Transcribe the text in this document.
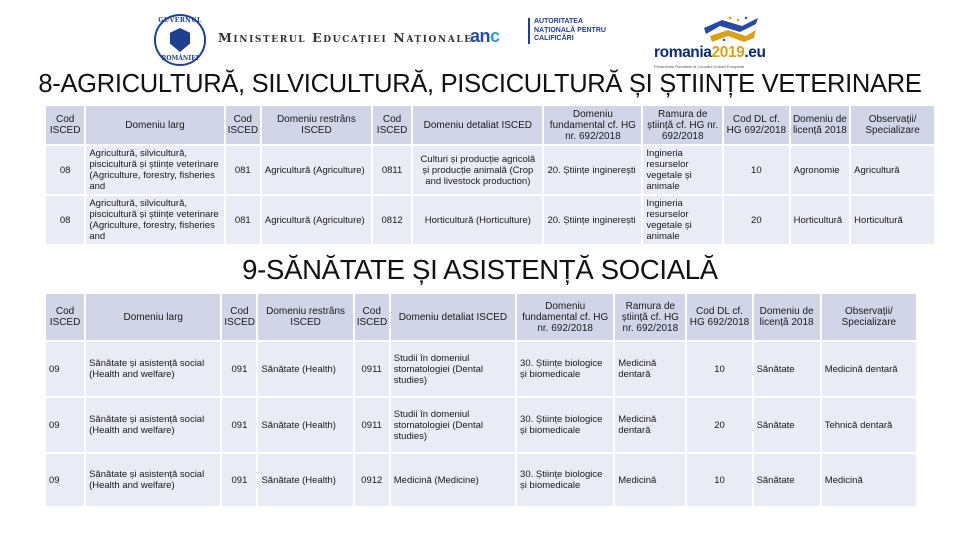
GUVERNUL
ROMÂNIEI
Ministerul Educației Naționale
anc
AUTORITATEA NAȚIONALĂ PENTRU CALIFICĂRI
romania2019.eu
Președinția României la Consiliul Uniunii Europene
8-AGRICULTURĂ, SILVICULTURĂ, PISCICULTURĂ ȘI ȘTIINȚE VETERINARE
Cod ISCED	Domeniu larg	Cod ISCED	Domeniu restrâns ISCED	Cod ISCED	Domeniu detaliat ISCED	Domeniu fundamental cf. HG nr. 692/2018	Ramura de știință cf. HG nr. 692/2018	Cod DL cf. HG 692/2018	Domeniu de licență 2018	Observații/ Specializare
08	Agricultură, silvicultură, piscicultură și științe veterinare (Agriculture, forestry, fisheries and	081	Agricultură (Agriculture)	0811	Culturi și producție agricolă și producție animală (Crop and livestock production)	20. Științe inginerești	Ingineria resurselor vegetale și animale	10	Agronomie	Agricultură
08	Agricultură, silvicultură, piscicultură și științe veterinare (Agriculture, forestry, fisheries and	081	Agricultură (Agriculture)	0812	Horticultură (Horticulture)	20. Științe inginerești	Ingineria resurselor vegetale și animale	20	Horticultură	Horticultură
9-SĂNĂTATE ȘI ASISTENȚĂ SOCIALĂ
Cod ISCED	Domeniu larg	Cod ISCED	Domeniu restrâns ISCED	Cod ISCED	Domeniu detaliat ISCED	Domeniu fundamental cf. HG nr. 692/2018	Ramura de știință cf. HG nr. 692/2018	Cod DL cf. HG 692/2018	Domeniu de licență 2018	Observații/ Specializare
09	Sănătate și asistență social (Health and welfare)	091	Sănătate (Health)	0911	Studii în domeniul stomatologiei (Dental studies)	30. Științe biologice și biomedicale	Medicină dentară	10	Sănătate	Medicină dentară
09	Sănătate și asistență social (Health and welfare)	091	Sănătate (Health)	0911	Studii în domeniul stomatologiei (Dental studies)	30. Științe biologice și biomedicale	Medicină dentară	20	Sănătate	Tehnică dentară
09	Sănătate și asistență social (Health and welfare)	091	Sănătate (Health)	0912	Medicină (Medicine)	30. Științe biologice și biomedicale	Medicină	10	Sănătate	Medicină
